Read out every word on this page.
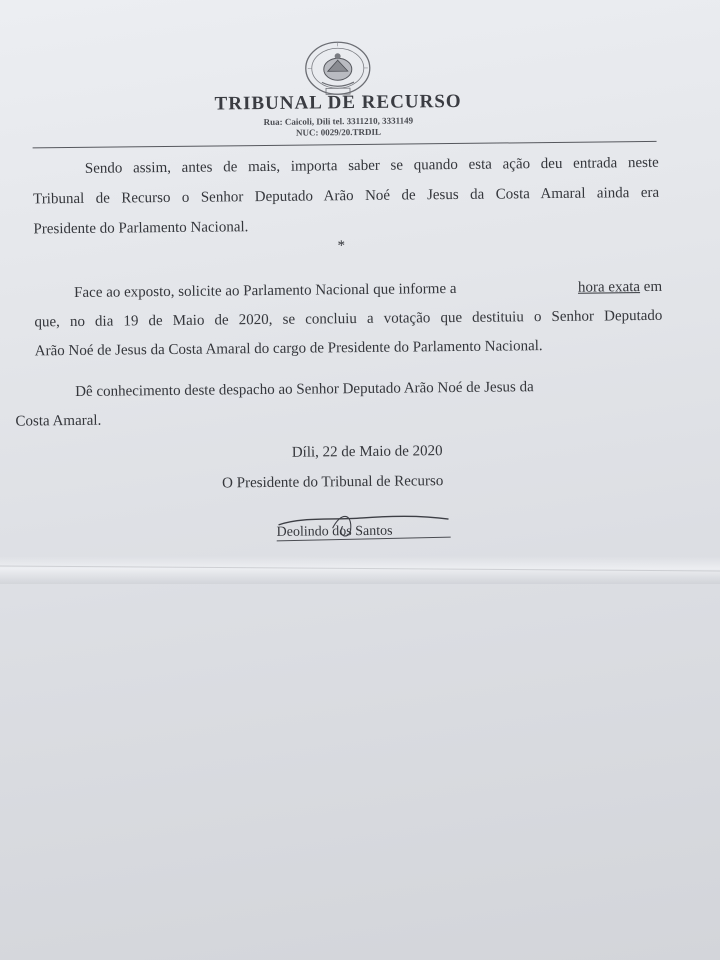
TRIBUNAL DE RECURSO
Rua: Caicoli, Dili tel. 3311210, 3331149
NUC: 0029/20.TRDIL
Sendo assim, antes de mais, importa saber se quando esta ação deu entrada neste
Tribunal de Recurso o Senhor Deputado Arão Noé de Jesus da Costa Amaral ainda era
Presidente do Parlamento Nacional.
*
Face ao exposto, solicite ao Parlamento Nacional que informe a	hora exata em
que, no dia 19 de Maio de 2020, se concluiu a votação que destituiu o Senhor Deputado
Arão Noé de Jesus da Costa Amaral do cargo de Presidente do Parlamento Nacional.
Dê conhecimento deste despacho ao Senhor Deputado Arão Noé de Jesus da
Costa Amaral.
Díli, 22 de Maio de 2020
O Presidente do Tribunal de Recurso
Deolindo dos Santos
